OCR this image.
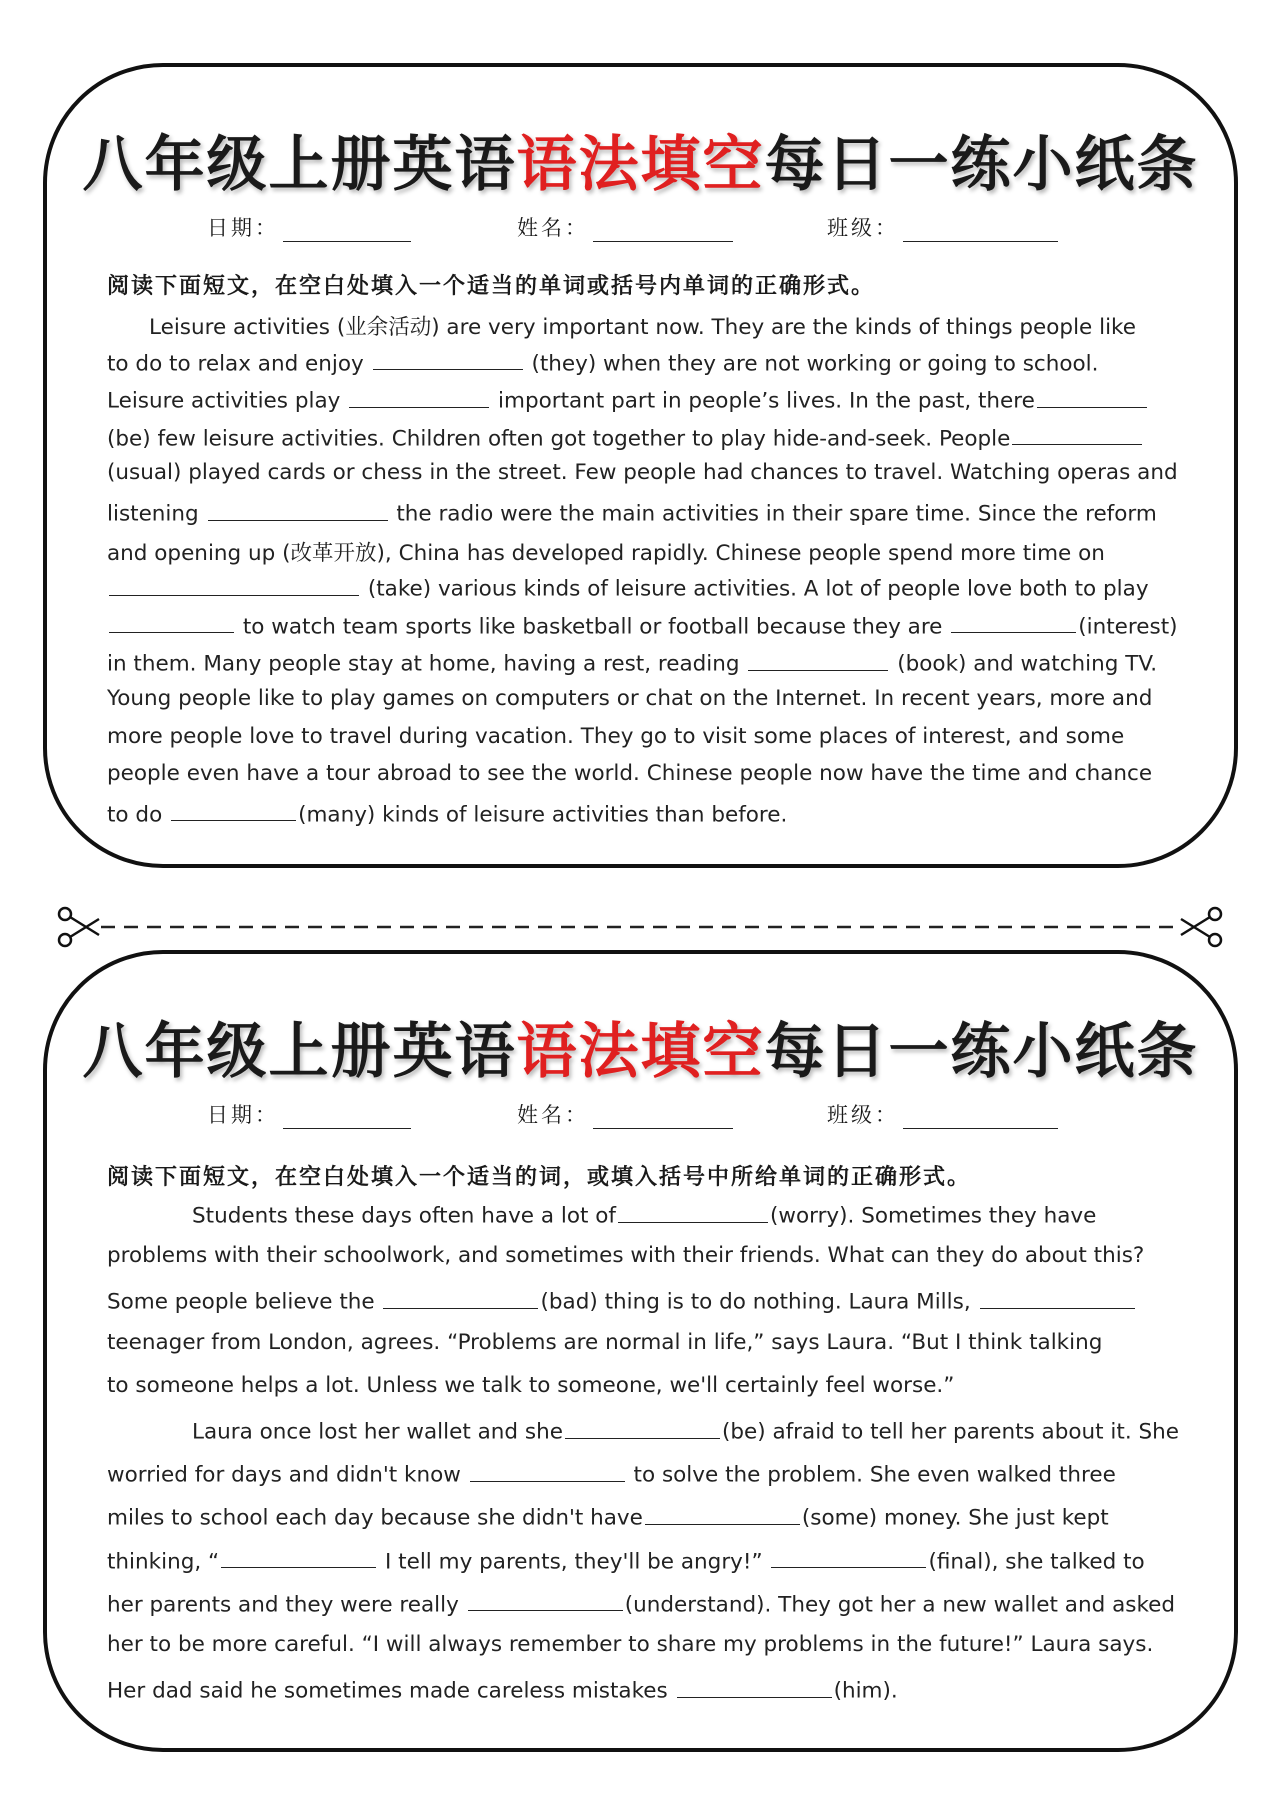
八年级上册英语语法填空每日一练小纸条
日期：	姓名：	班级：
阅读下面短文，在空白处填入一个适当的单词或括号内单词的正确形式。
Leisure activities (业余活动) are very important now. They are the kinds of things people like
to do to relax and enjoy	(they) when they are not working or going to school.
Leisure activities play	important part in people’s lives. In the past, there
(be) few leisure activities. Children often got together to play hide-and-seek. People
(usual) played cards or chess in the street. Few people had chances to travel. Watching operas and
listening	the radio were the main activities in their spare time. Since the reform
and opening up (改革开放), China has developed rapidly. Chinese people spend more time on
(take) various kinds of leisure activities. A lot of people love both to play
to watch team sports like basketball or football because they are	(interest)
in them. Many people stay at home, having a rest, reading	(book) and watching TV.
Young people like to play games on computers or chat on the Internet. In recent years, more and
more people love to travel during vacation. They go to visit some places of interest, and some
people even have a tour abroad to see the world. Chinese people now have the time and chance
to do	(many) kinds of leisure activities than before.
八年级上册英语语法填空每日一练小纸条
日期：	姓名：	班级：
阅读下面短文，在空白处填入一个适当的词，或填入括号中所给单词的正确形式。
Students these days often have a lot of	(worry). Sometimes they have
problems with their schoolwork, and sometimes with their friends. What can they do about this?
Some people believe the	(bad) thing is to do nothing. Laura Mills,
teenager from London, agrees. “Problems are normal in life,” says Laura. “But I think talking
to someone helps a lot. Unless we talk to someone, we'll certainly feel worse.”
Laura once lost her wallet and she	(be) afraid to tell her parents about it. She
worried for days and didn't know	to solve the problem. She even walked three
miles to school each day because she didn't have	(some) money. She just kept
thinking, “	I tell my parents, they'll be angry!”	(final), she talked to
her parents and they were really	(understand). They got her a new wallet and asked
her to be more careful. “I will always remember to share my problems in the future!” Laura says.
Her dad said he sometimes made careless mistakes	(him).
